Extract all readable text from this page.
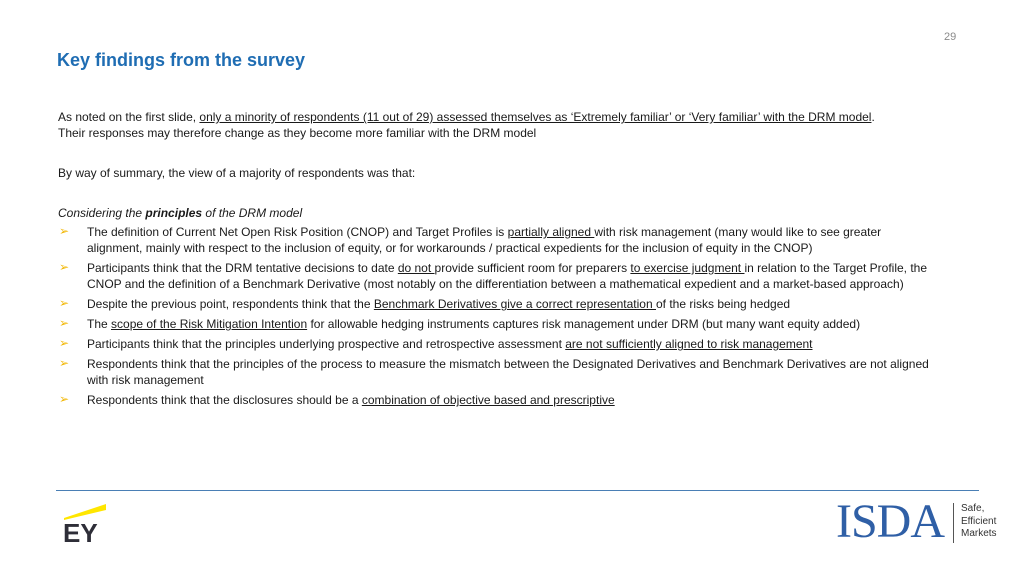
29
Key findings from the survey

As noted on the first slide, only a minority of respondents (11 out of 29) assessed themselves as ‘Extremely familiar’ or ‘Very familiar’ with the DRM model.
Their responses may therefore change as they become more familiar with the DRM model

By way of summary, the view of a majority of respondents was that:

Considering the principles of the DRM model

➢ The definition of Current Net Open Risk Position (CNOP) and Target Profiles is partially aligned with risk management (many would like to see greater alignment, mainly with respect to the inclusion of equity, or for workarounds / practical expedients for the inclusion of equity in the CNOP)
➢ Participants think that the DRM tentative decisions to date do not provide sufficient room for preparers to exercise judgment in relation to the Target Profile, the CNOP and the definition of a Benchmark Derivative (most notably on the differentiation between a mathematical expedient and a market-based approach)
➢ Despite the previous point, respondents think that the Benchmark Derivatives give a correct representation of the risks being hedged
➢ The scope of the Risk Mitigation Intention for allowable hedging instruments captures risk management under DRM (but many want equity added)
➢ Participants think that the principles underlying prospective and retrospective assessment are not sufficiently aligned to risk management
➢ Respondents think that the principles of the process to measure the mismatch between the Designated Derivatives and Benchmark Derivatives are not aligned with risk management
➢ Respondents think that the disclosures should be a combination of objective based and prescriptive
EY	ISDA Safe,
Efficient
Markets
